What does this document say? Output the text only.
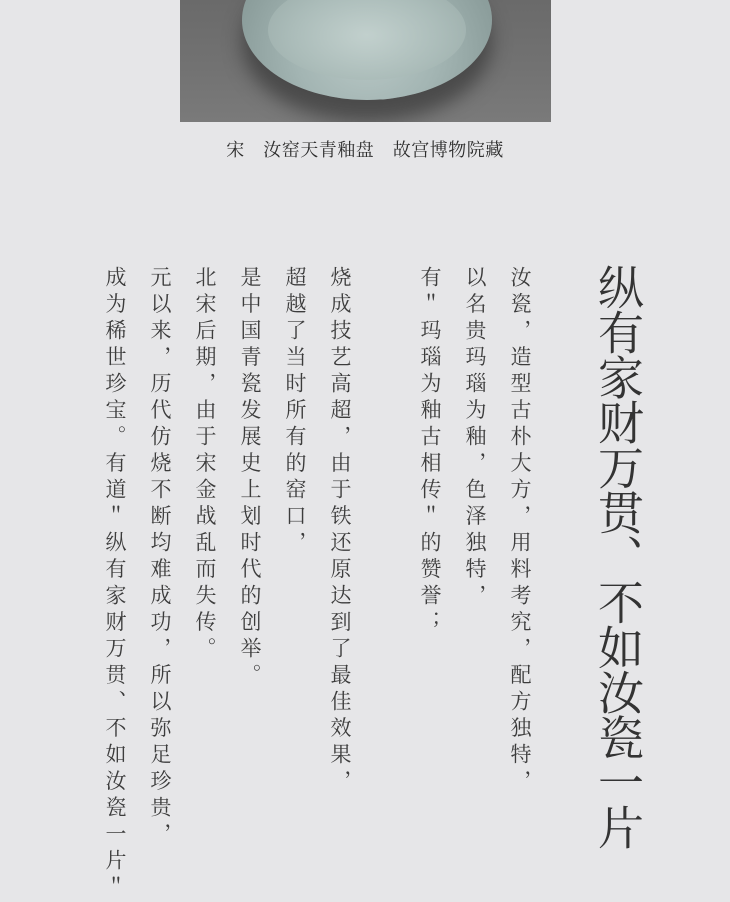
宋　汝窑天青釉盘　故宫博物院藏
纵有家财万贯、不如汝瓷一片
汝瓷，造型古朴大方，用料考究，配方独特，
以名贵玛瑙为釉，色泽独特，
有＂玛瑙为釉古相传＂的赞誉；
烧成技艺高超，由于铁还原达到了最佳效果，
超越了当时所有的窑口，
是中国青瓷发展史上划时代的创举。
北宋后期，由于宋金战乱而失传。
元以来，历代仿烧不断均难成功，所以弥足珍贵，
成为稀世珍宝。有道＂纵有家财万贯、不如汝瓷一片＂
